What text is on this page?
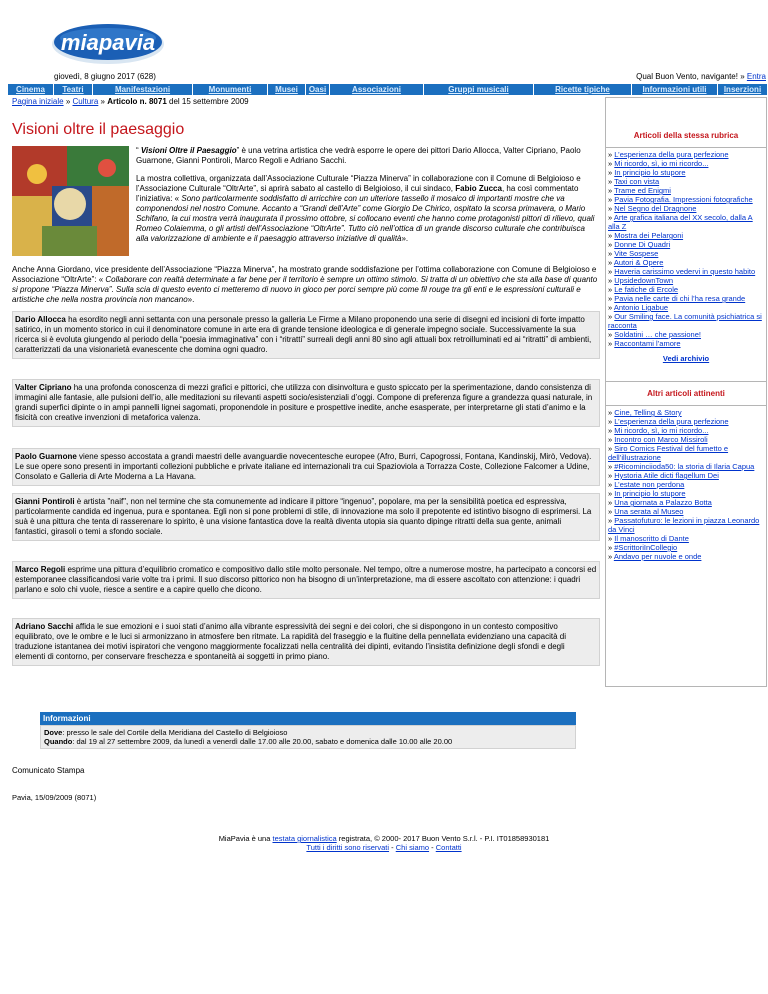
miapavia
giovedì, 8 giugno 2017 (628)	Qual Buon Vento, navigante! » Entra
Cinema	Teatri	Manifestazioni	Monumenti	Musei	Oasi	Associazioni	Gruppi musicali	Ricette tipiche	Informazioni utili	Inserzioni
Pagina iniziale » Cultura » Articolo n. 8071 del 15 settembre 2009
Visioni oltre il paesaggio

“ Visioni Oltre il Paesaggio” è una vetrina artistica che vedrà esporre le opere dei pittori Dario Allocca, Valter Cipriano, Paolo Guarnone, Gianni Pontiroli, Marco Regoli e Adriano Sacchi.

La mostra collettiva, organizzata dall’Associazione Culturale “Piazza Minerva” in collaborazione con il Comune di Belgioioso e l’Associazione Culturale “OltrArte”, si aprirà sabato al castello di Belgioioso, il cui sindaco, Fabio Zucca, ha così commentato l’iniziativa: « Sono particolarmente soddisfatto di arricchire con un ulteriore tassello il mosaico di importanti mostre che va componendosi nel nostro Comune. Accanto a “Grandi dell’Arte” come Giorgio De Chirico, ospitato la scorsa primavera, o Mario Schifano, la cui mostra verrà inaugurata il prossimo ottobre, si collocano eventi che hanno come protagonisti pittori di rilievo, quali Romeo Colaiemma, o gli artisti dell’Associazione “OltrArte”. Tutto ciò nell’ottica di un grande discorso culturale che contribuisca alla valorizzazione di ambiente e il paesaggio attraverso iniziative di qualità».

Anche Anna Giordano, vice presidente dell’Associazione “Piazza Minerva”, ha mostrato grande soddisfazione per l’ottima collaborazione con Comune di Belgioioso e Associazione “OltrArte”: « Collaborare con realtà determinate a far bene per il territorio è sempre un ottimo stimolo. Si tratta di un obiettivo che sta alla base di quanto si propone “Piazza Minerva”. Sulla scia di questo evento ci metteremo di nuovo in gioco per porci sempre più come fil rouge tra gli enti e le espressioni culturali e artistiche che nella nostra provincia non mancano».
Dario Allocca ha esordito negli anni settanta con una personale presso la galleria Le Firme a Milano proponendo una serie di disegni ed incisioni di forte impatto satirico, in un momento storico in cui il denominatore comune in arte era di grande tensione ideologica e di generale impegno sociale. Successivamente la sua ricerca si è evoluta giungendo al periodo della “poesia immaginativa” con i “ritratti” surreali degli anni 80 sino agli attuali box retroilluminati ed ai “ritratti” di ambienti, caratterizzati da una visionarietà evanescente che domina ogni quadro.
Valter Cipriano ha una profonda conoscenza di mezzi grafici e pittorici, che utilizza con disinvoltura e gusto spiccato per la sperimentazione, dando consistenza di immagini alle fantasie, alle pulsioni dell’io, alle meditazioni su rilevanti aspetti socio/esistenziali d’oggi. Compone di preferenza figure a grandezza quasi naturale, in grandi superfici dipinte o in ampi pannelli lignei sagomati, proponendole in positure e prospettive inedite, anche esasperate, per interpretarne gli stati d’animo e la fisicità con creative invenzioni di metaforica valenza.
Paolo Guarnone viene spesso accostata a grandi maestri delle avanguardie novecentesche europee (Afro, Burri, Capogrossi, Fontana, Kandinskij, Mirò, Vedova). Le sue opere sono presenti in importanti collezioni pubbliche e private italiane ed internazionali tra cui Spazioviola a Torrazza Coste, Collezione Falcomer a Udine, Consolato e Galleria di Arte Moderna a La Havana.
Gianni Pontiroli è artista "naif", non nel termine che sta comunemente ad indicare il pittore “ingenuo”, popolare, ma per la sensibilità poetica ed espressiva, particolarmente candida ed ingenua, pura e spontanea. Egli non si pone problemi di stile, di innovazione ma solo il prepotente ed istintivo bisogno di esprimersi. La suà è una pittura che tenta di rasserenare lo spirito, è una visione fantastica dove la realtà diventa utopia sia quanto dipinge ritratti della sua gente, animali fantastici, girasoli o temi a sfondo sociale.
Marco Regoli esprime una pittura d’equilibrio cromatico e compositivo dallo stile molto personale. Nel tempo, oltre a numerose mostre, ha partecipato a concorsi ed estemporanee classificandosi varie volte tra i primi. Il suo discorso pittorico non ha bisogno di un’interpretazione, ma di essere ascoltato con attenzione: i quadri parlano e solo chi vuole, riesce a sentire e a capire quello che dicono.
Adriano Sacchi affida le sue emozioni e i suoi stati d’animo alla vibrante espressività dei segni e dei colori, che si dispongono in un contesto compositivo equilibrato, ove le ombre e le luci si armonizzano in atmosfere ben ritmate. La rapidità del fraseggio e la fluitine della pennellata evidenziano una capacità di traduzione istantanea dei motivi ispiratori che vengono maggiormente focalizzati nella centralità dei dipinti, evitando l’insistita definizione degli sfondi e degli elementi di contorno, per conservare freschezza e spontaneità ai soggetti in primo piano.
Informazioni
Dove: presso le sale del Cortile della Meridiana del Castello di Belgioioso
Quando: dal 19 al 27 settembre 2009, da lunedì a venerdì dalle 17.00 alle 20.00, sabato e domenica dalle 10.00 alle 20.00
Comunicato Stampa
Pavia, 15/09/2009 (8071)
MiaPavia è una testata giornalistica registrata, © 2000- 2017 Buon Vento S.r.l. - P.I. IT01858930181
Tutti i diritti sono riservati - Chi siamo - Contatti
Articoli della stessa rubrica
» L’esperienza della pura perfezione
» Mi ricordo, sì, io mi ricordo...
» In principio lo stupore
» Taxi con vista
» Trame ed Enigmi
» Pavia Fotografia. Impressioni fotografiche
» Nel Segno del Dragnone
» Arte grafica italiana del XX secolo, dalla A alla Z
» Mostra dei Pelargoni
» Donne Di Quadri
» Vite Sospese
» Autori & Opere
» Haveria carissimo vedervi in questo habito
» UpsidedownTown
» Le fatiche di Ercole
» Pavia nelle carte di chi l’ha resa grande
» Antonio Ligabue
» Our Smiling face. La comunità psichiatrica si racconta
» Soldatini … che passione!
» Raccontami l’amore
Vedi archivio
Altri articoli attinenti
» Cine, Telling & Story
» L’esperienza della pura perfezione
» Mi ricordo, sì, io mi ricordo...
» Incontro con Marco Missiroli
» Siro Comics Festival del fumetto e dell’illustrazione
» #Ricominciioda50: la storia di Ilaria Capua
» Hystoria Atile dicti flagellum Dei
» L’estate non perdona
» In principio lo stupore
» Una giornata a Palazzo Botta
» Una serata al Museo
» Passatofuturo: le lezioni in piazza Leonardo da Vinci
» Il manoscritto di Dante
» #ScrittoriInCollegio
» Andavo per nuvole e onde
